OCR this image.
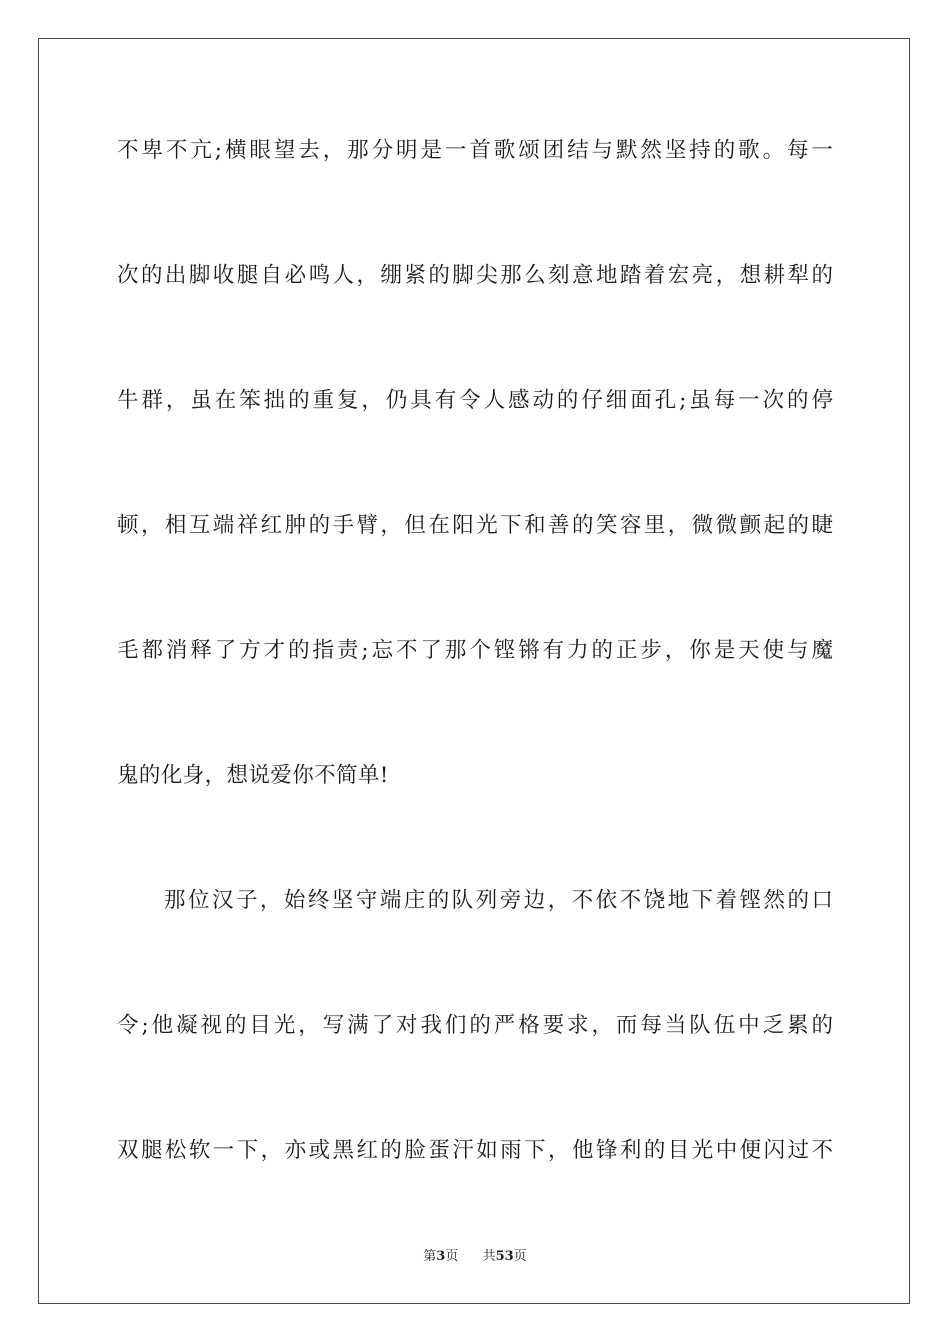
不卑不亢;横眼望去，那分明是一首歌颂团结与默然坚持的歌。每一
次的出脚收腿自必鸣人，绷紧的脚尖那么刻意地踏着宏亮，想耕犁的
牛群，虽在笨拙的重复，仍具有令人感动的仔细面孔;虽每一次的停
顿，相互端祥红肿的手臂，但在阳光下和善的笑容里，微微颤起的睫
毛都消释了方才的指责;忘不了那个铿锵有力的正步，你是天使与魔
鬼的化身，想说爱你不简单!
那位汉子，始终坚守端庄的队列旁边，不依不饶地下着铿然的口
令;他凝视的目光，写满了对我们的严格要求，而每当队伍中乏累的
双腿松软一下，亦或黑红的脸蛋汗如雨下，他锋利的目光中便闪过不
第3页 共53页
